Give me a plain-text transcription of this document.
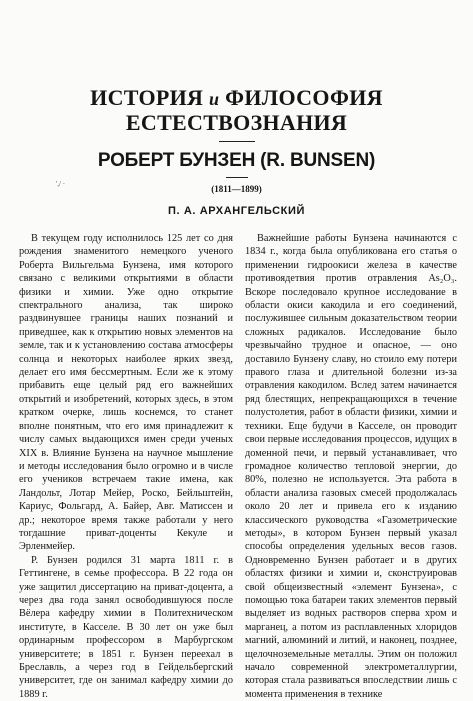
ИСТОРИЯ и ФИЛОСОФИЯ
ЕСТЕСТВОЗНАНИЯ
РОБЕРТ БУНЗЕН (R. BUNSEN)
',/ ·	(1811—1899)
П. А. АРХАНГЕЛЬСКИЙ

В текущем году исполнилось 125 лет со дня рождения знаменитого немецкого ученого Роберта Вильгельма Бунзена, имя которого связано с великими открытиями в области физики и химии. Уже одно открытие спектрального анализа, так широко раздвинувшее границы наших познаний и приведшее, как к открытию новых элементов на земле, так и к установлению состава атмосферы солнца и некоторых наиболее ярких звезд, делает его имя бессмертным. Если же к этому прибавить еще целый ряд его важнейших открытий и изобретений, которых здесь, в этом кратком очерке, лишь коснемся, то станет вполне понятным, что его имя принадлежит к числу самых выдающихся имен среди ученых XIX в. Влияние Бунзена на научное мышление и методы исследования было огромно и в числе его учеников встречаем такие имена, как Ландольт, Лотар Мейер, Роско, Бейльштейн, Кариус, Фольгард, А. Байер, Авг. Матиссен и др.; некоторое время также работали у него тогдашние приват-доценты Кекуле и Эрленмейер.

Р. Бунзен родился 31 марта 1811 г. в Геттингене, в семье профессора. В 22 года он уже защитил диссертацию на приват-доцента, а через два года занял освободившуюся после Вёлера кафедру химии в Политехническом институте, в Касселе. В 30 лет он уже был ординарным профессором в Марбургском университете; в 1851 г. Бунзен переехал в Бреславль, а через год в Гейдельбергский университет, где он занимал кафедру химии до 1889 г.

Важнейшие работы Бунзена начинаются с 1834 г., когда была опубликована его статья о применении гидроокиси железа в качестве противоядетвия против отравления As₂O₃. Вскоре последовало крупное исследование в области окиси какодила и его соединений, послужившее сильным доказательством теории сложных радикалов. Исследование было чрезвычайно трудное и опасное, — оно доставило Бунзену славу, но стоило ему потери правого глаза и длительной болезни из-за отравления какодилом. Вслед затем начинается ряд блестящих, непрекращающихся в течение полустолетия, работ в области физики, химии и техники. Еще будучи в Касселе, он проводит свои первые исследования процессов, идущих в доменной печи, и первый устанавливает, что громадное количество тепловой энергии, до 80%, полезно не используется. Эта работа в области анализа газовых смесей продолжалась около 20 лет и привела его к изданию классического руководства «Газометрические методы», в котором Бунзен первый указал способы определения удельных весов газов. Одновременно Бунзен работает и в других областях физики и химии и, сконструировав свой общеизвестный «элемент Бунзена», с помощью тока батареи таких элементов первый выделяет из водных растворов сперва хром и марганец, а потом из расплавленных хлоридов магний, алюминий и литий, и наконец, позднее, щелочноземельные металлы. Этим он положил начало современной электрометаллургии, которая стала развиваться впоследствии лишь с момента применения в технике
